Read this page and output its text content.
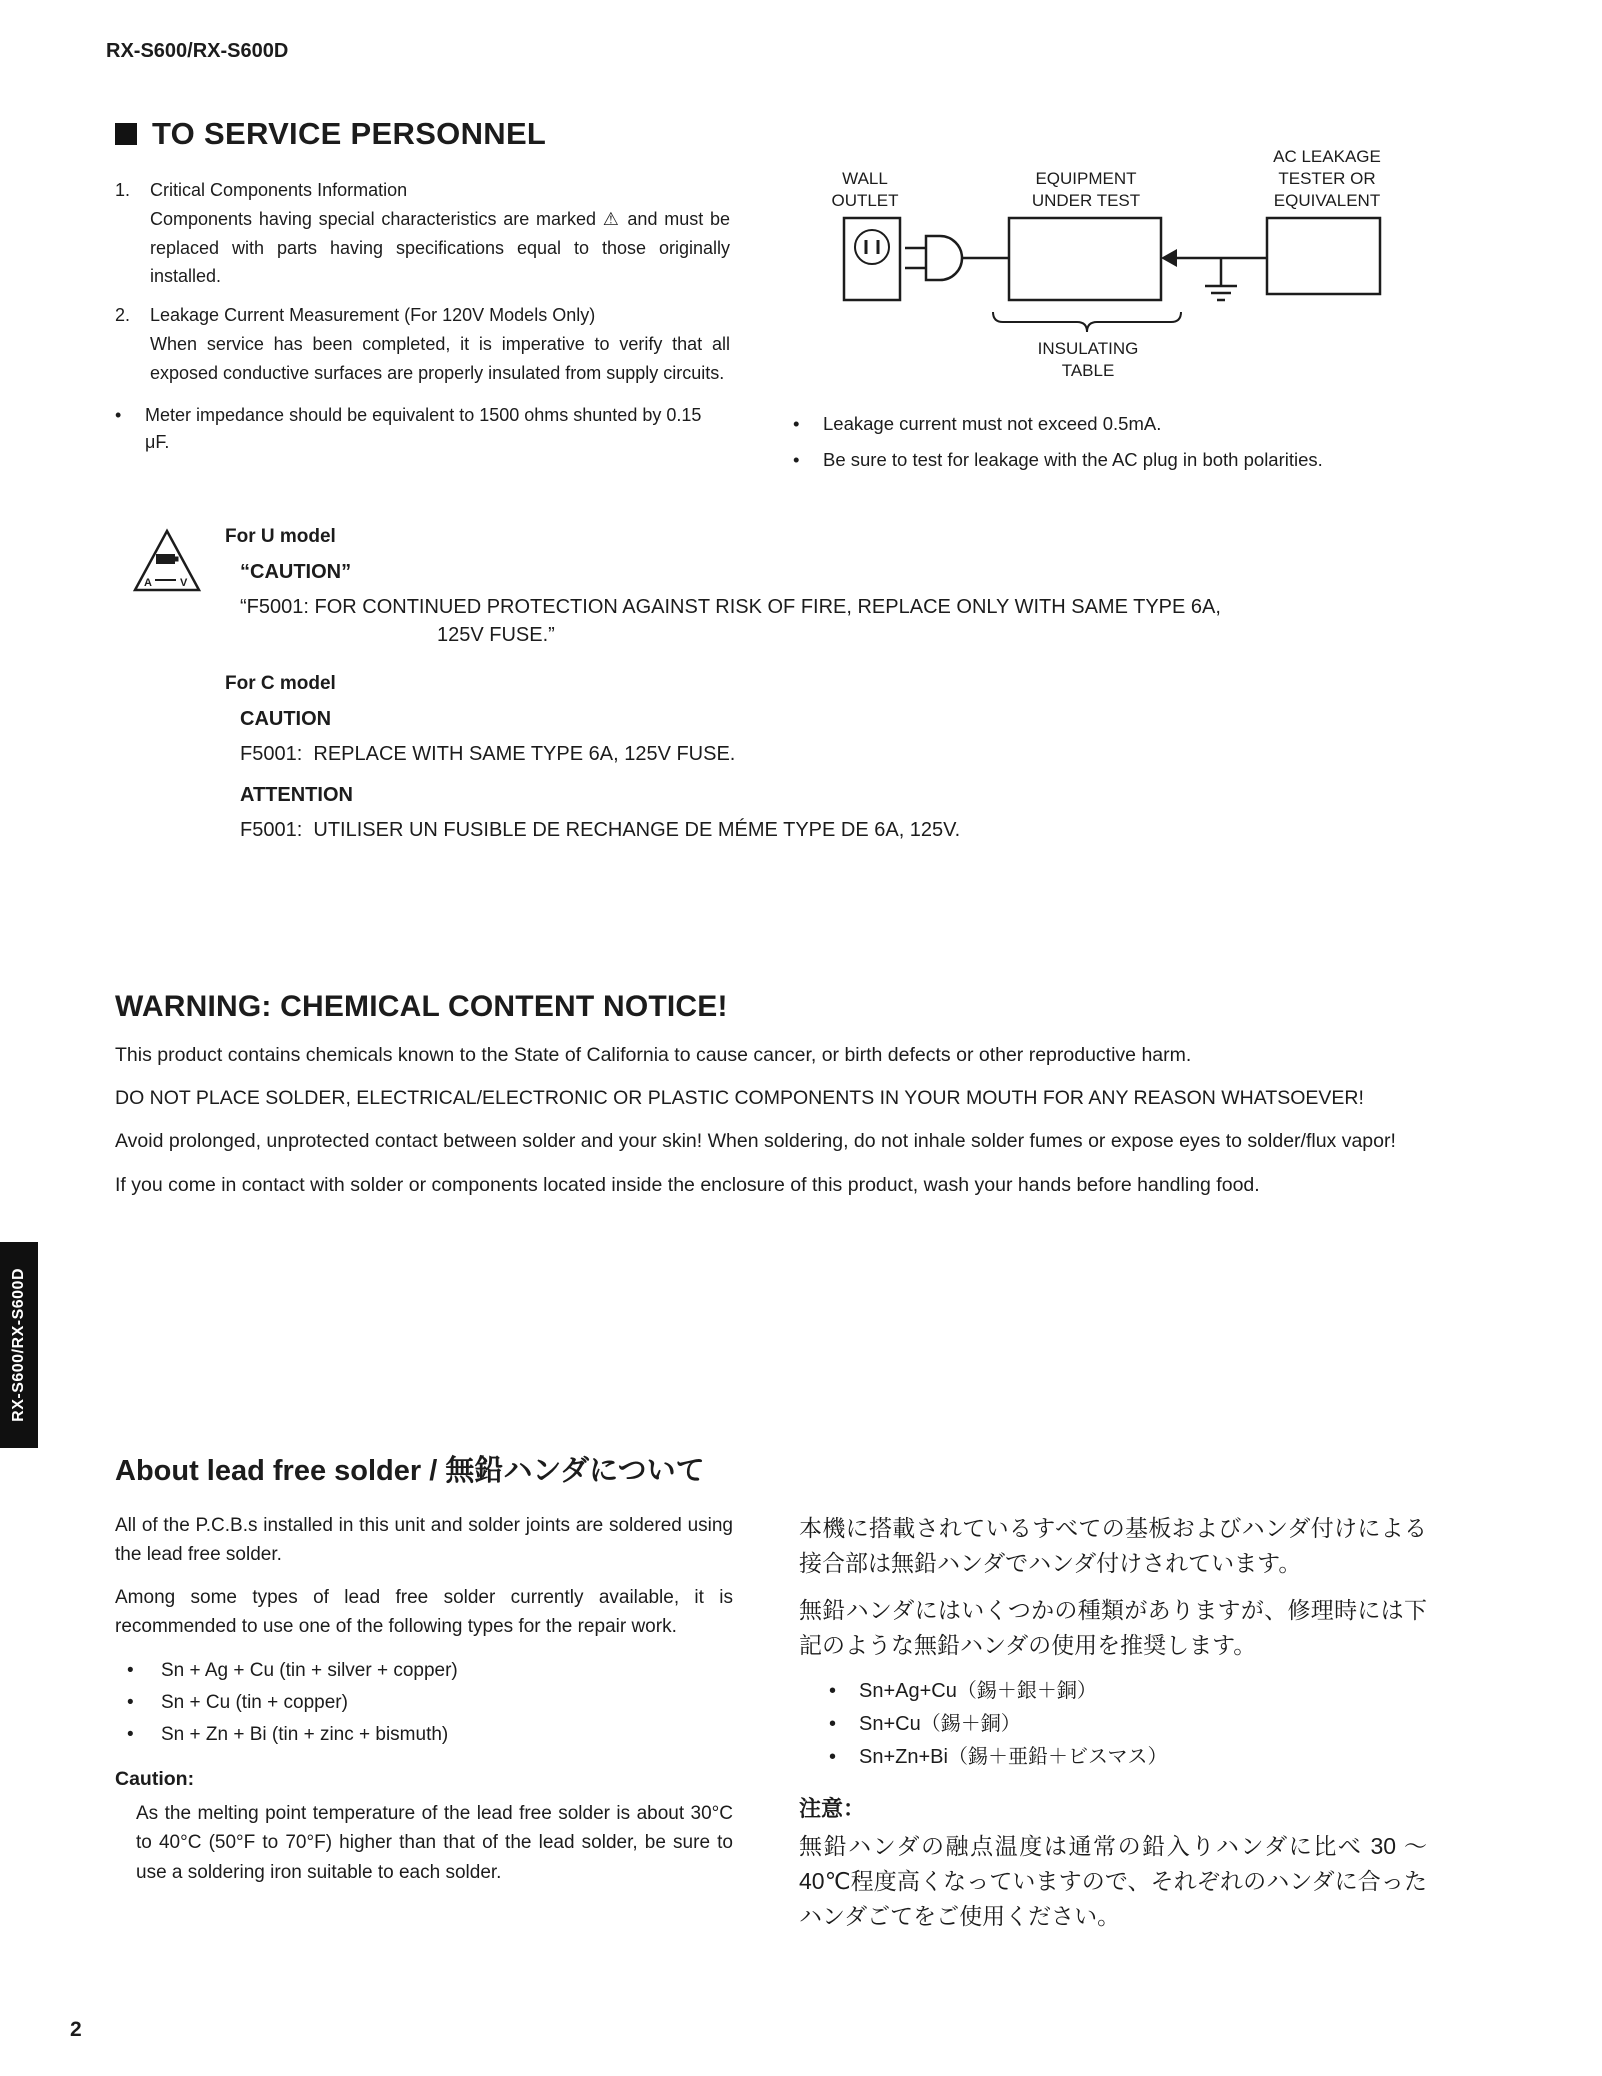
RX-S600/RX-S600D
TO SERVICE PERSONNEL
1.	Critical Components Information
Components having special characteristics are marked ⚠ and must be replaced with parts having specifications equal to those originally installed.
2.	Leakage Current Measurement (For 120V Models Only)
When service has been completed, it is imperative to verify that all exposed conductive surfaces are properly insulated from supply circuits.
•
Meter impedance should be equivalent to 1500 ohms shunted by 0.15 μF.
AC LEAKAGE TESTER OR EQUIVALENT
WALL OUTLET
EQUIPMENT UNDER TEST
INSULATING TABLE
•
Leakage current must not exceed 0.5mA.
•
Be sure to test for leakage with the AC plug in both polarities.
A	V
For U model
“CAUTION”
“F5001: FOR CONTINUED PROTECTION AGAINST RISK OF FIRE, REPLACE ONLY WITH SAME TYPE 6A,
125V FUSE.”
For C model
CAUTION
F5001:  REPLACE WITH SAME TYPE 6A, 125V FUSE.
ATTENTION
F5001:  UTILISER UN FUSIBLE DE RECHANGE DE MÉME TYPE DE 6A, 125V.
WARNING: CHEMICAL CONTENT NOTICE!

This product contains chemicals known to the State of California to cause cancer, or birth defects or other reproductive harm.

DO NOT PLACE SOLDER, ELECTRICAL/ELECTRONIC OR PLASTIC COMPONENTS IN YOUR MOUTH FOR ANY REASON WHATSOEVER!

Avoid prolonged, unprotected contact between solder and your skin! When soldering, do not inhale solder fumes or expose eyes to solder/flux vapor!

If you come in contact with solder or components located inside the enclosure of this product, wash your hands before handling food.

RX-S600/RX-S600D
About lead free solder / 無鉛ハンダについて

All of the P.C.B.s installed in this unit and solder joints are soldered using the lead free solder.

Among some types of lead free solder currently available, it is recommended to use one of the following types for the repair work.

•
Sn + Ag + Cu (tin + silver + copper)
•
Sn + Cu (tin + copper)
•
Sn + Zn + Bi (tin + zinc + bismuth)
Caution:
As the melting point temperature of the lead free solder is about 30°C to 40°C (50°F to 70°F) higher than that of the lead solder, be sure to use a soldering iron suitable to each solder.

本機に搭載されているすべての基板およびハンダ付けによる接合部は無鉛ハンダでハンダ付けされています。

無鉛ハンダにはいくつかの種類がありますが、修理時には下記のような無鉛ハンダの使用を推奨します。

•
Sn+Ag+Cu（錫＋銀＋銅）
•
Sn+Cu（錫＋銅）
•
Sn+Zn+Bi（錫＋亜鉛＋ビスマス）
注意：
無鉛ハンダの融点温度は通常の鉛入りハンダに比べ 30 〜 40℃程度高くなっていますので、それぞれのハンダに合ったハンダごてをご使用ください。
2
